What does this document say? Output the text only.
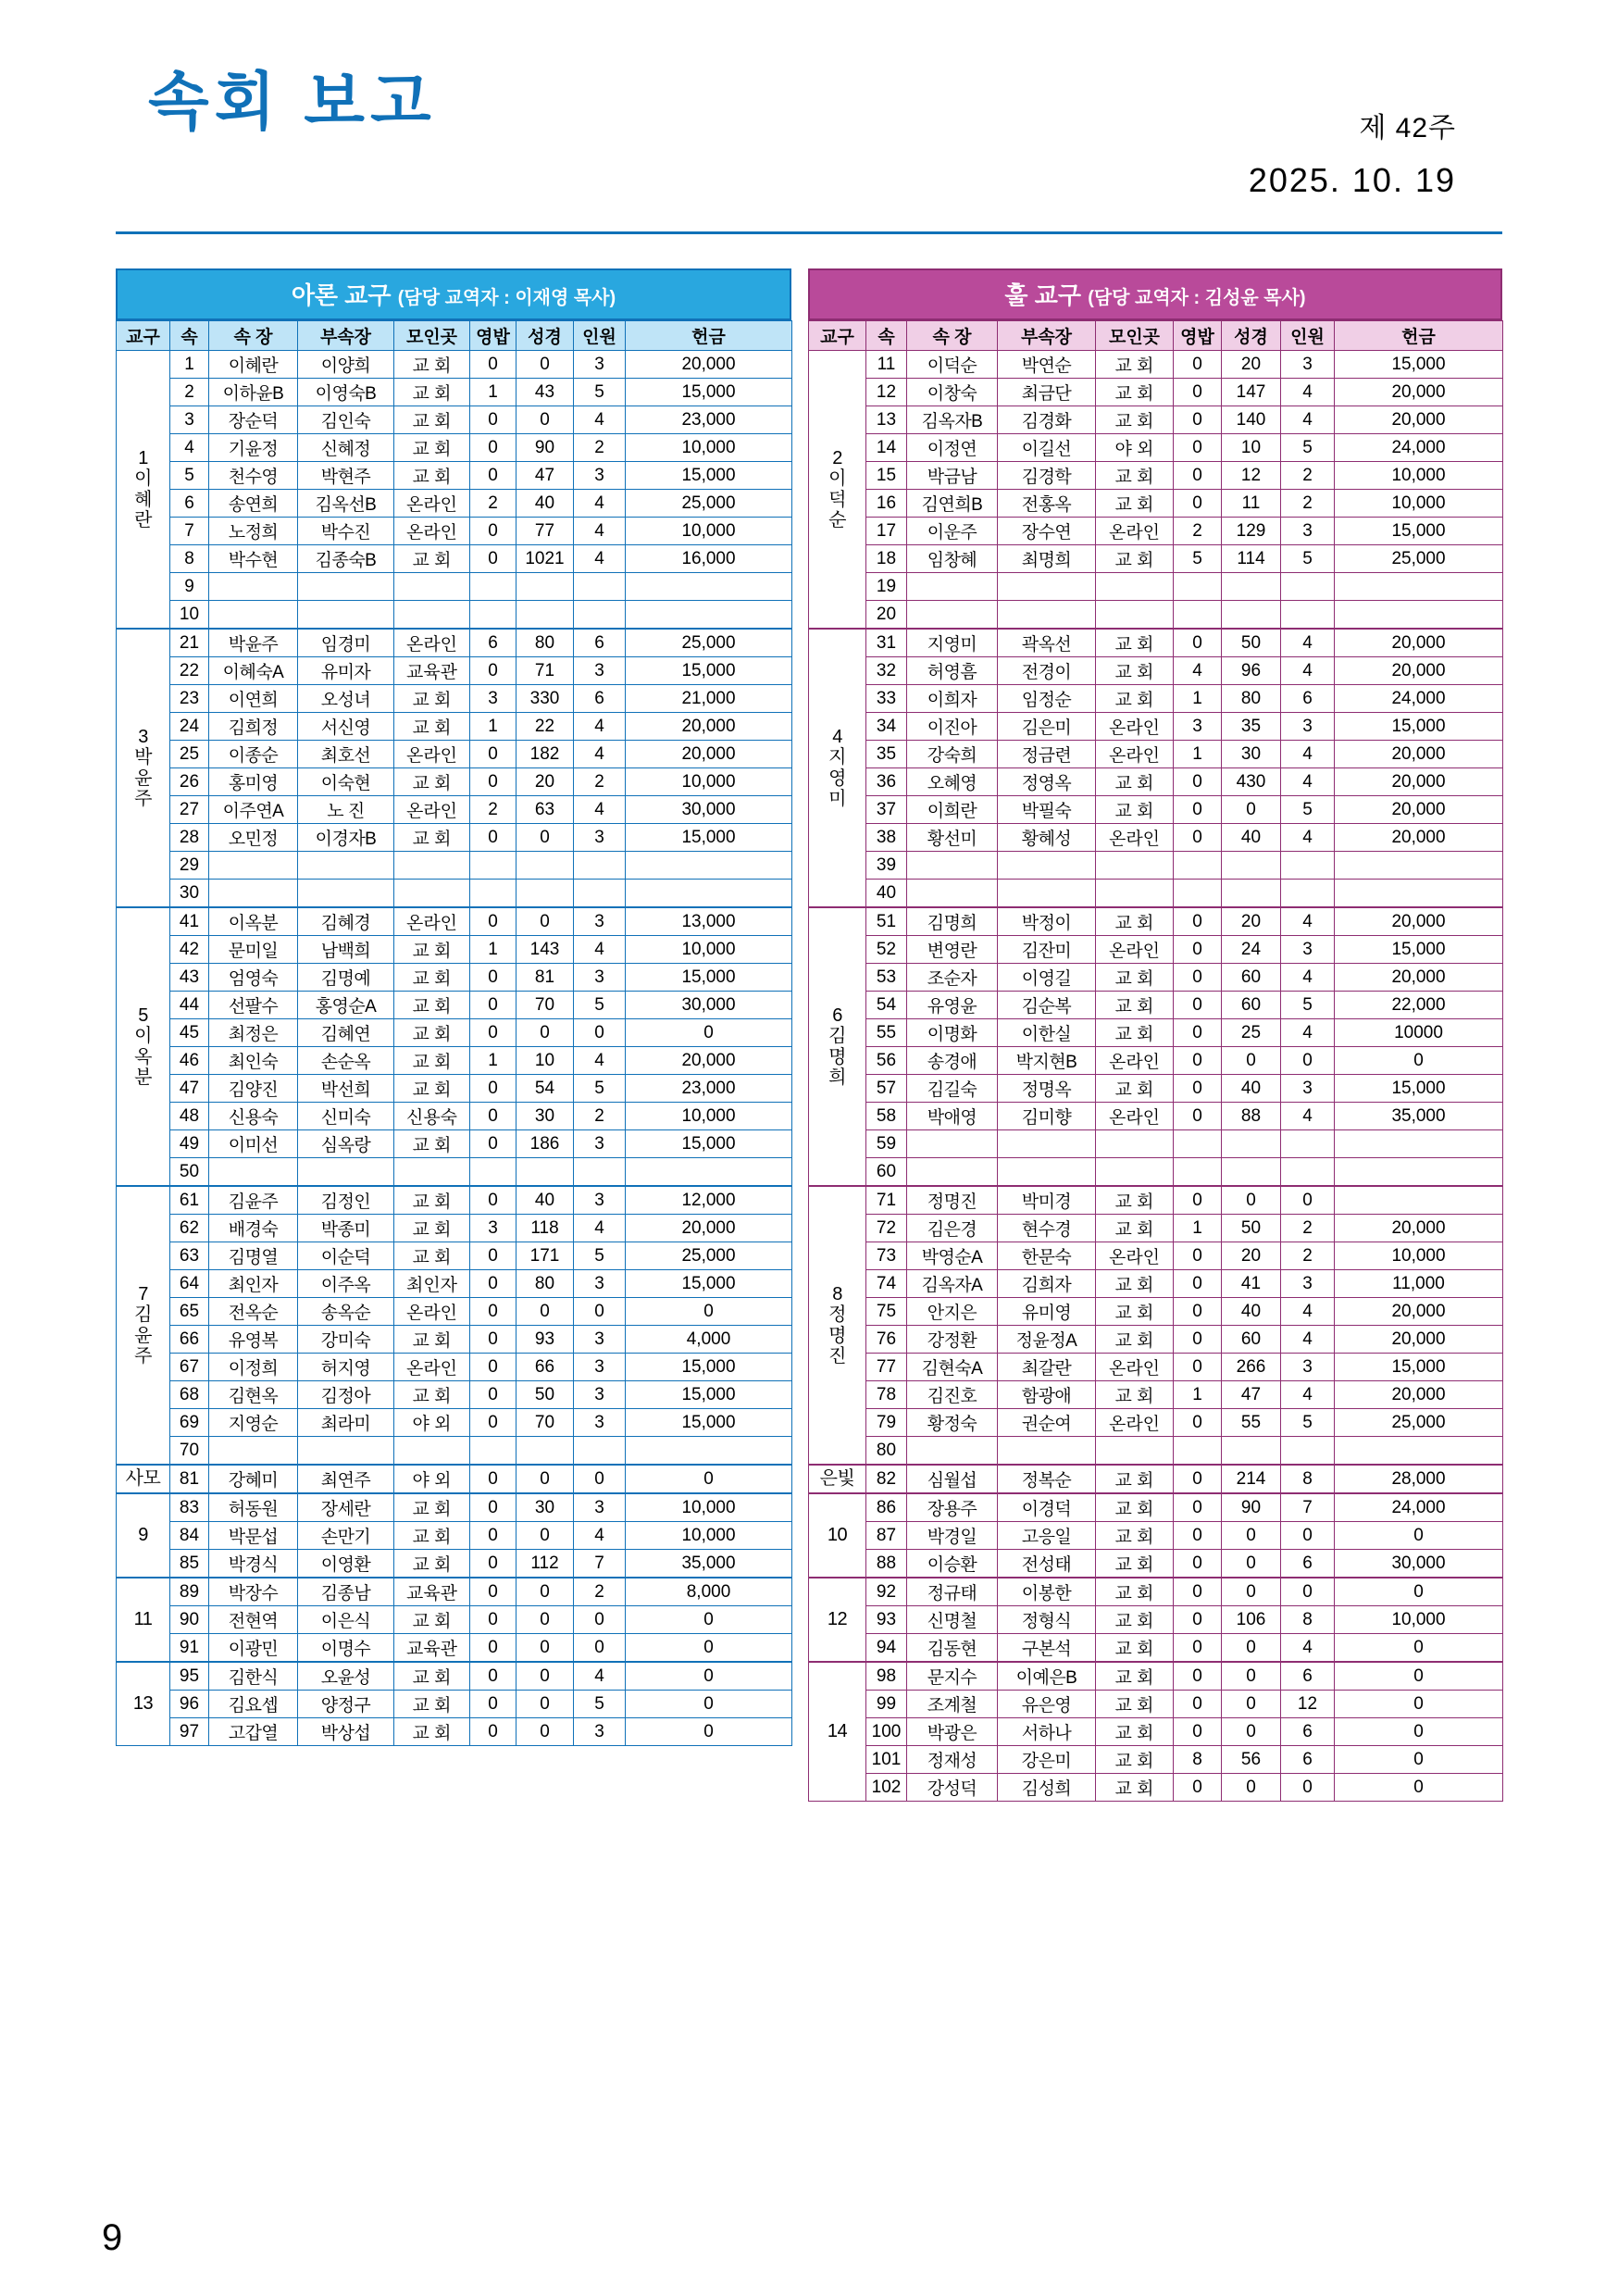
속회 보고	제 42주
2025. 10. 19
아론 교구 (담당 교역자 : 이재영 목사)
교구	속	속 장	부속장	모인곳	영밥	성경	인원	헌금

1
이
혜
란	1	이혜란	이양희	교 회	0	0	3	20,000
	2	이하윤B	이영숙B	교 회	1	43	5	15,000
	3	장순덕	김인숙	교 회	0	0	4	23,000
	4	기윤정	신혜정	교 회	0	90	2	10,000
	5	천수영	박현주	교 회	0	47	3	15,000
	6	송연희	김옥선B	온라인	2	40	4	25,000
	7	노정희	박수진	온라인	0	77	4	10,000
	8	박수현	김종숙B	교 회	0	1021	4	16,000
	9							
	10							

3
박
윤
주	21	박윤주	임경미	온라인	6	80	6	25,000
	22	이혜숙A	유미자	교육관	0	71	3	15,000
	23	이연희	오성녀	교 회	3	330	6	21,000
	24	김희정	서신영	교 회	1	22	4	20,000
	25	이종순	최호선	온라인	0	182	4	20,000
	26	홍미영	이숙현	교 회	0	20	2	10,000
	27	이주연A	노 진	온라인	2	63	4	30,000
	28	오민정	이경자B	교 회	0	0	3	15,000
	29							
	30							

5
이
옥
분	41	이옥분	김혜경	온라인	0	0	3	13,000
	42	문미일	남백희	교 회	1	143	4	10,000
	43	엄영숙	김명예	교 회	0	81	3	15,000
	44	선팔수	홍영순A	교 회	0	70	5	30,000
	45	최정은	김혜연	교 회	0	0	0	0
	46	최인숙	손순옥	교 회	1	10	4	20,000
	47	김양진	박선희	교 회	0	54	5	23,000
	48	신용숙	신미숙	신용숙	0	30	2	10,000
	49	이미선	심옥랑	교 회	0	186	3	15,000
	50							

7
김
윤
주	61	김윤주	김정인	교 회	0	40	3	12,000
	62	배경숙	박종미	교 회	3	118	4	20,000
	63	김명열	이순덕	교 회	0	171	5	25,000
	64	최인자	이주옥	최인자	0	80	3	15,000
	65	전옥순	송옥순	온라인	0	0	0	0
	66	유영복	강미숙	교 회	0	93	3	4,000
	67	이정희	허지영	온라인	0	66	3	15,000
	68	김현옥	김정아	교 회	0	50	3	15,000
	69	지영순	최라미	야 외	0	70	3	15,000
	70							

사모	81	강혜미	최연주	야 외	0	0	0	0

9	83	허동원	장세란	교 회	0	30	3	10,000
	84	박문섭	손만기	교 회	0	0	4	10,000
	85	박경식	이영환	교 회	0	112	7	35,000

11	89	박장수	김종남	교육관	0	0	2	8,000
	90	전현역	이은식	교 회	0	0	0	0
	91	이광민	이명수	교육관	0	0	0	0

13	95	김한식	오윤성	교 회	0	0	4	0
	96	김요셉	양정구	교 회	0	0	5	0
	97	고갑열	박상섭	교 회	0	0	3	0
훌 교구 (담당 교역자 : 김성윤 목사)
교구	속	속 장	부속장	모인곳	영밥	성경	인원	헌금

2
이
덕
순	11	이덕순	박연순	교 회	0	20	3	15,000
	12	이창숙	최금단	교 회	0	147	4	20,000
	13	김옥자B	김경화	교 회	0	140	4	20,000
	14	이정연	이길선	야 외	0	10	5	24,000
	15	박금남	김경학	교 회	0	12	2	10,000
	16	김연희B	전홍옥	교 회	0	11	2	10,000
	17	이운주	장수연	온라인	2	129	3	15,000
	18	임창혜	최명희	교 회	5	114	5	25,000
	19							
	20							

4
지
영
미	31	지영미	곽옥선	교 회	0	50	4	20,000
	32	허영흠	전경이	교 회	4	96	4	20,000
	33	이희자	임정순	교 회	1	80	6	24,000
	34	이진아	김은미	온라인	3	35	3	15,000
	35	강숙희	정금련	온라인	1	30	4	20,000
	36	오혜영	정영옥	교 회	0	430	4	20,000
	37	이희란	박필숙	교 회	0	0	5	20,000
	38	황선미	황혜성	온라인	0	40	4	20,000
	39							
	40							

6
김
명
희	51	김명희	박정이	교 회	0	20	4	20,000
	52	변영란	김잔미	온라인	0	24	3	15,000
	53	조순자	이영길	교 회	0	60	4	20,000
	54	유영윤	김순복	교 회	0	60	5	22,000
	55	이명화	이한실	교 회	0	25	4	10000
	56	송경애	박지현B	온라인	0	0	0	0
	57	김길숙	정명옥	교 회	0	40	3	15,000
	58	박애영	김미향	온라인	0	88	4	35,000
	59							
	60							

8
정
명
진	71	정명진	박미경	교 회	0	0	0	
	72	김은경	현수경	교 회	1	50	2	20,000
	73	박영순A	한문숙	온라인	0	20	2	10,000
	74	김옥자A	김희자	교 회	0	41	3	11,000
	75	안지은	유미영	교 회	0	40	4	20,000
	76	강정환	정윤정A	교 회	0	60	4	20,000
	77	김현숙A	최갈란	온라인	0	266	3	15,000
	78	김진호	함광애	교 회	1	47	4	20,000
	79	황정숙	권순여	온라인	0	55	5	25,000
	80							

은빛	82	심월섭	정복순	교 회	0	214	8	28,000

10	86	장용주	이경덕	교 회	0	90	7	24,000
	87	박경일	고응일	교 회	0	0	0	0
	88	이승환	전성태	교 회	0	0	6	30,000

12	92	정규태	이봉한	교 회	0	0	0	0
	93	신명철	정형식	교 회	0	106	8	10,000
	94	김동현	구본석	교 회	0	0	4	0

14	98	문지수	이예은B	교 회	0	0	6	0
	99	조계철	유은영	교 회	0	0	12	0
	100	박광은	서하나	교 회	0	0	6	0
	101	정재성	강은미	교 회	8	56	6	0
	102	강성덕	김성희	교 회	0	0	0	0
9
